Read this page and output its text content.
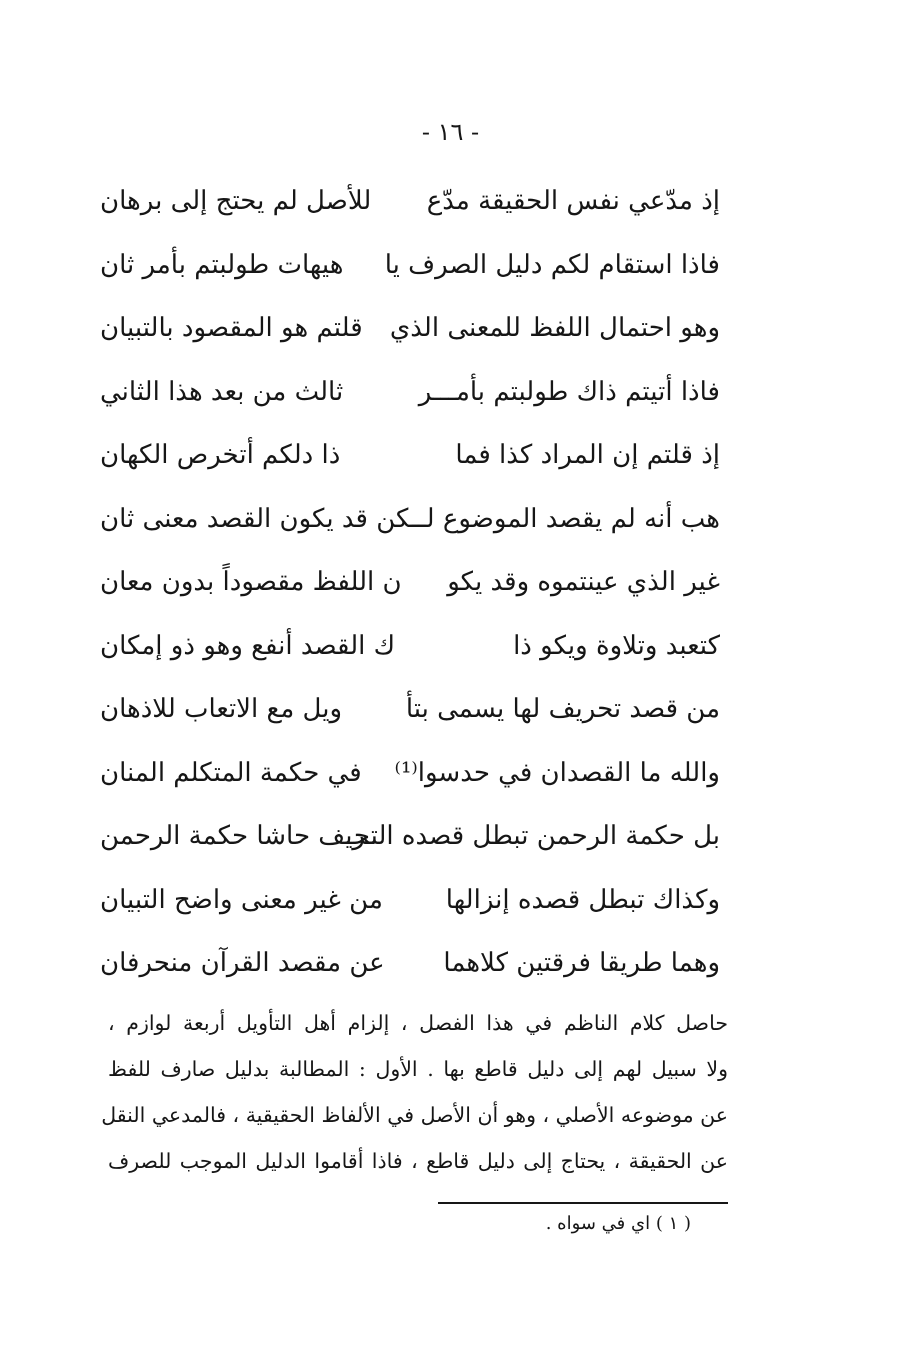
- ١٦ -
إذ مدّعي نفس الحقيقة مدّع
للأصل لم يحتج إلى برهان
فاذا استقام لكم دليل الصرف يا
هيهات طولبتم بأمر ثان
وهو احتمال اللفظ للمعنى الذي
قلتم هو المقصود بالتبيان
فاذا أتيتم ذاك طولبتم بأمـــر
ثالث من بعد هذا الثاني
إذ قلتم إن المراد كذا فما
ذا دلكم أتخرص الكهان
هب أنه لم يقصد الموضوع لــ
ــكن قد يكون القصد معنى ثان
غير الذي عينتموه وقد يكو
ن اللفظ مقصوداً بدون معان
كتعبد وتلاوة ويكو ذا
ك القصد أنفع وهو ذو إمكان
من قصد تحريف لها يسمى بتأ
ويل مع الاتعاب للاذهان
والله ما القصدان في حدسوا⁽¹⁾
في حكمة المتكلم المنان
بل حكمة الرحمن تبطل قصده التحـ
ـريف حاشا حكمة الرحمن
وكذاك تبطل قصده إنزالها
من غير معنى واضح التبيان
وهما طريقا فرقتين كلاهما
عن مقصد القرآن منحرفان

حاصل كلام الناظم في هذا الفصل ، إلزام أهل التأويل أربعة لوازم ،

ولا سبيل لهم إلى دليل قاطع بها . الأول : المطالبة بدليل صارف للفظ

عن موضوعه الأصلي ، وهو أن الأصل في الألفاظ الحقيقية ، فالمدعي النقل

عن الحقيقة ، يحتاج إلى دليل قاطع ، فاذا أقاموا الدليل الموجب للصرف

( ١ ) اي في سواه .
